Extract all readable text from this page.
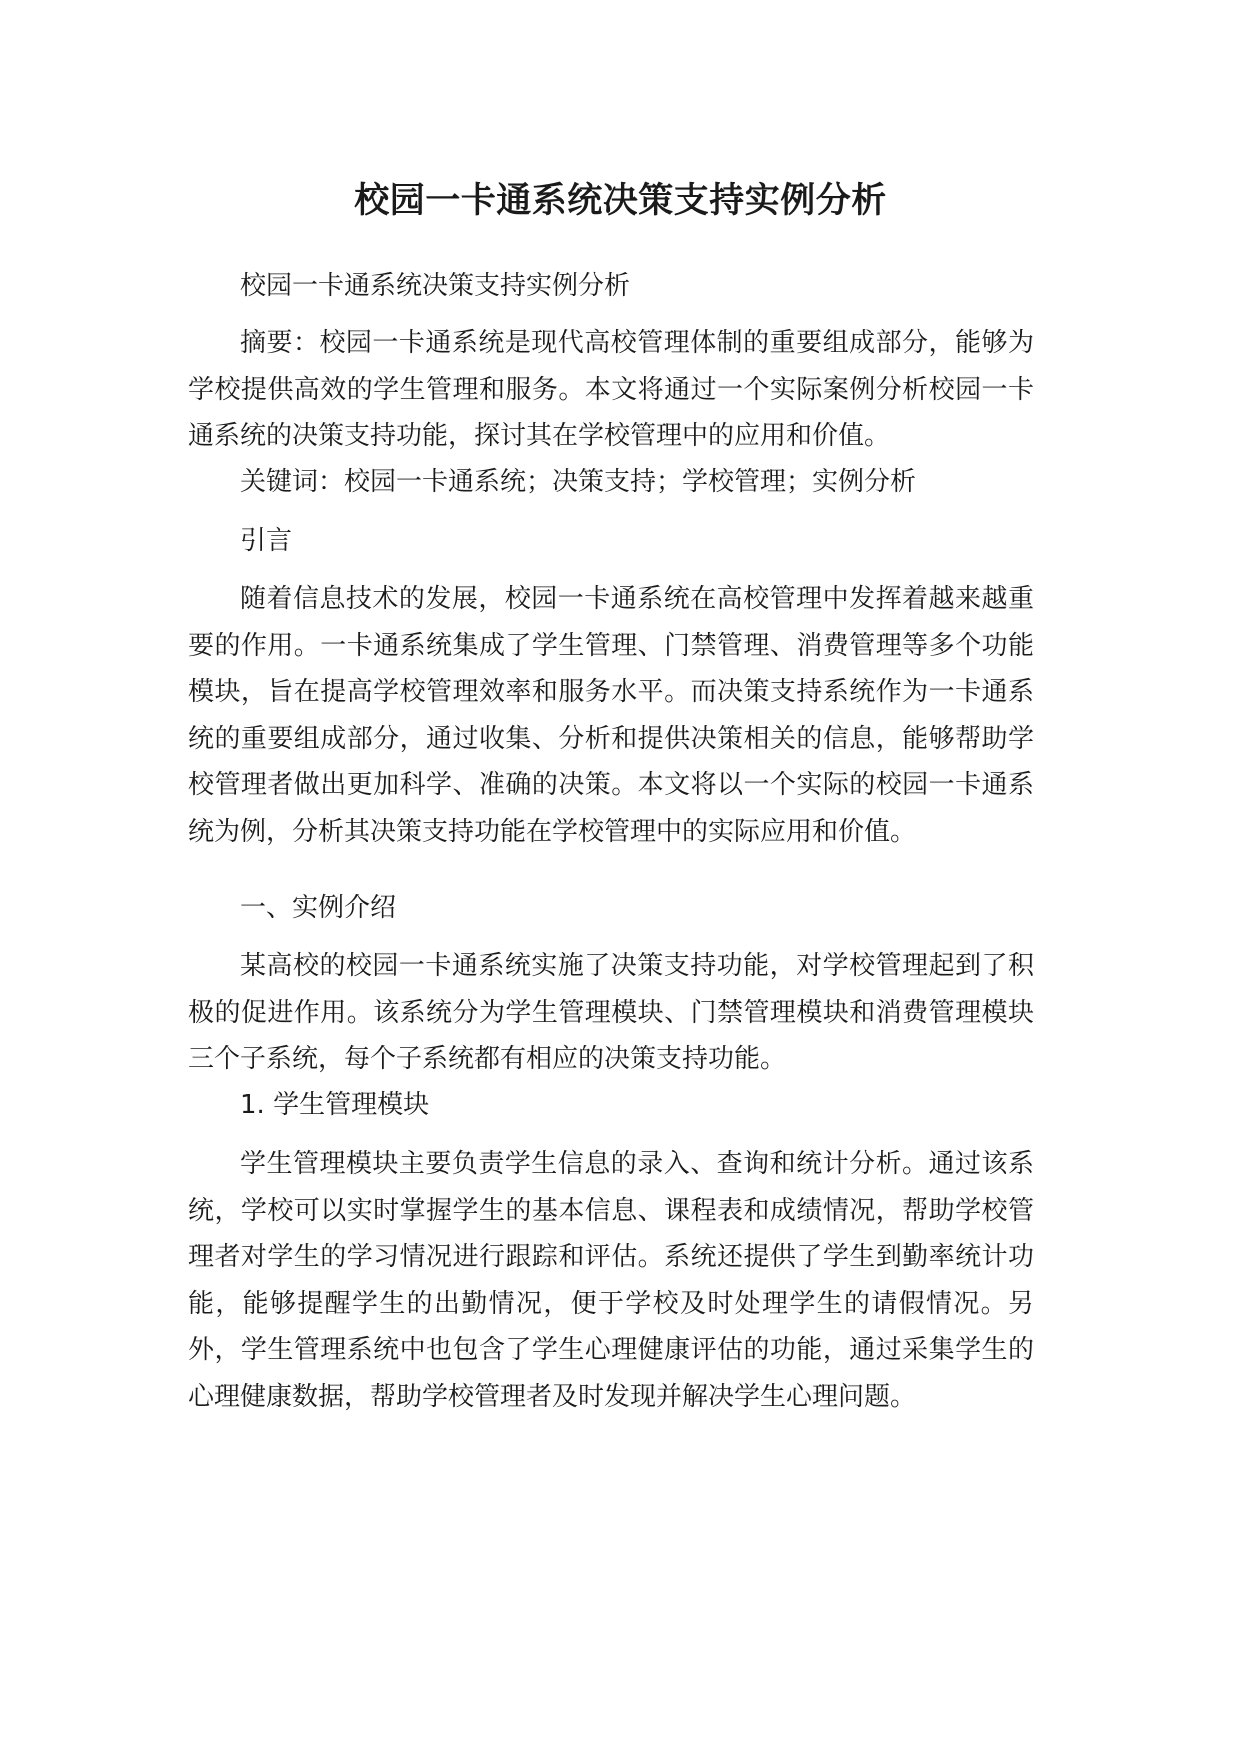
校园一卡通系统决策支持实例分析

校园一卡通系统决策支持实例分析

摘要：校园一卡通系统是现代高校管理体制的重要组成部分，能够为学校提供高效的学生管理和服务。本文将通过一个实际案例分析校园一卡通系统的决策支持功能，探讨其在学校管理中的应用和价值。

关键词：校园一卡通系统；决策支持；学校管理；实例分析

引言

随着信息技术的发展，校园一卡通系统在高校管理中发挥着越来越重要的作用。一卡通系统集成了学生管理、门禁管理、消费管理等多个功能模块，旨在提高学校管理效率和服务水平。而决策支持系统作为一卡通系统的重要组成部分，通过收集、分析和提供决策相关的信息，能够帮助学校管理者做出更加科学、准确的决策。本文将以一个实际的校园一卡通系统为例，分析其决策支持功能在学校管理中的实际应用和价值。

一、实例介绍

某高校的校园一卡通系统实施了决策支持功能，对学校管理起到了积极的促进作用。该系统分为学生管理模块、门禁管理模块和消费管理模块三个子系统，每个子系统都有相应的决策支持功能。

1. 学生管理模块

学生管理模块主要负责学生信息的录入、查询和统计分析。通过该系统，学校可以实时掌握学生的基本信息、课程表和成绩情况，帮助学校管理者对学生的学习情况进行跟踪和评估。系统还提供了学生到勤率统计功能，能够提醒学生的出勤情况，便于学校及时处理学生的请假情况。另外，学生管理系统中也包含了学生心理健康评估的功能，通过采集学生的心理健康数据，帮助学校管理者及时发现并解决学生心理问题。
